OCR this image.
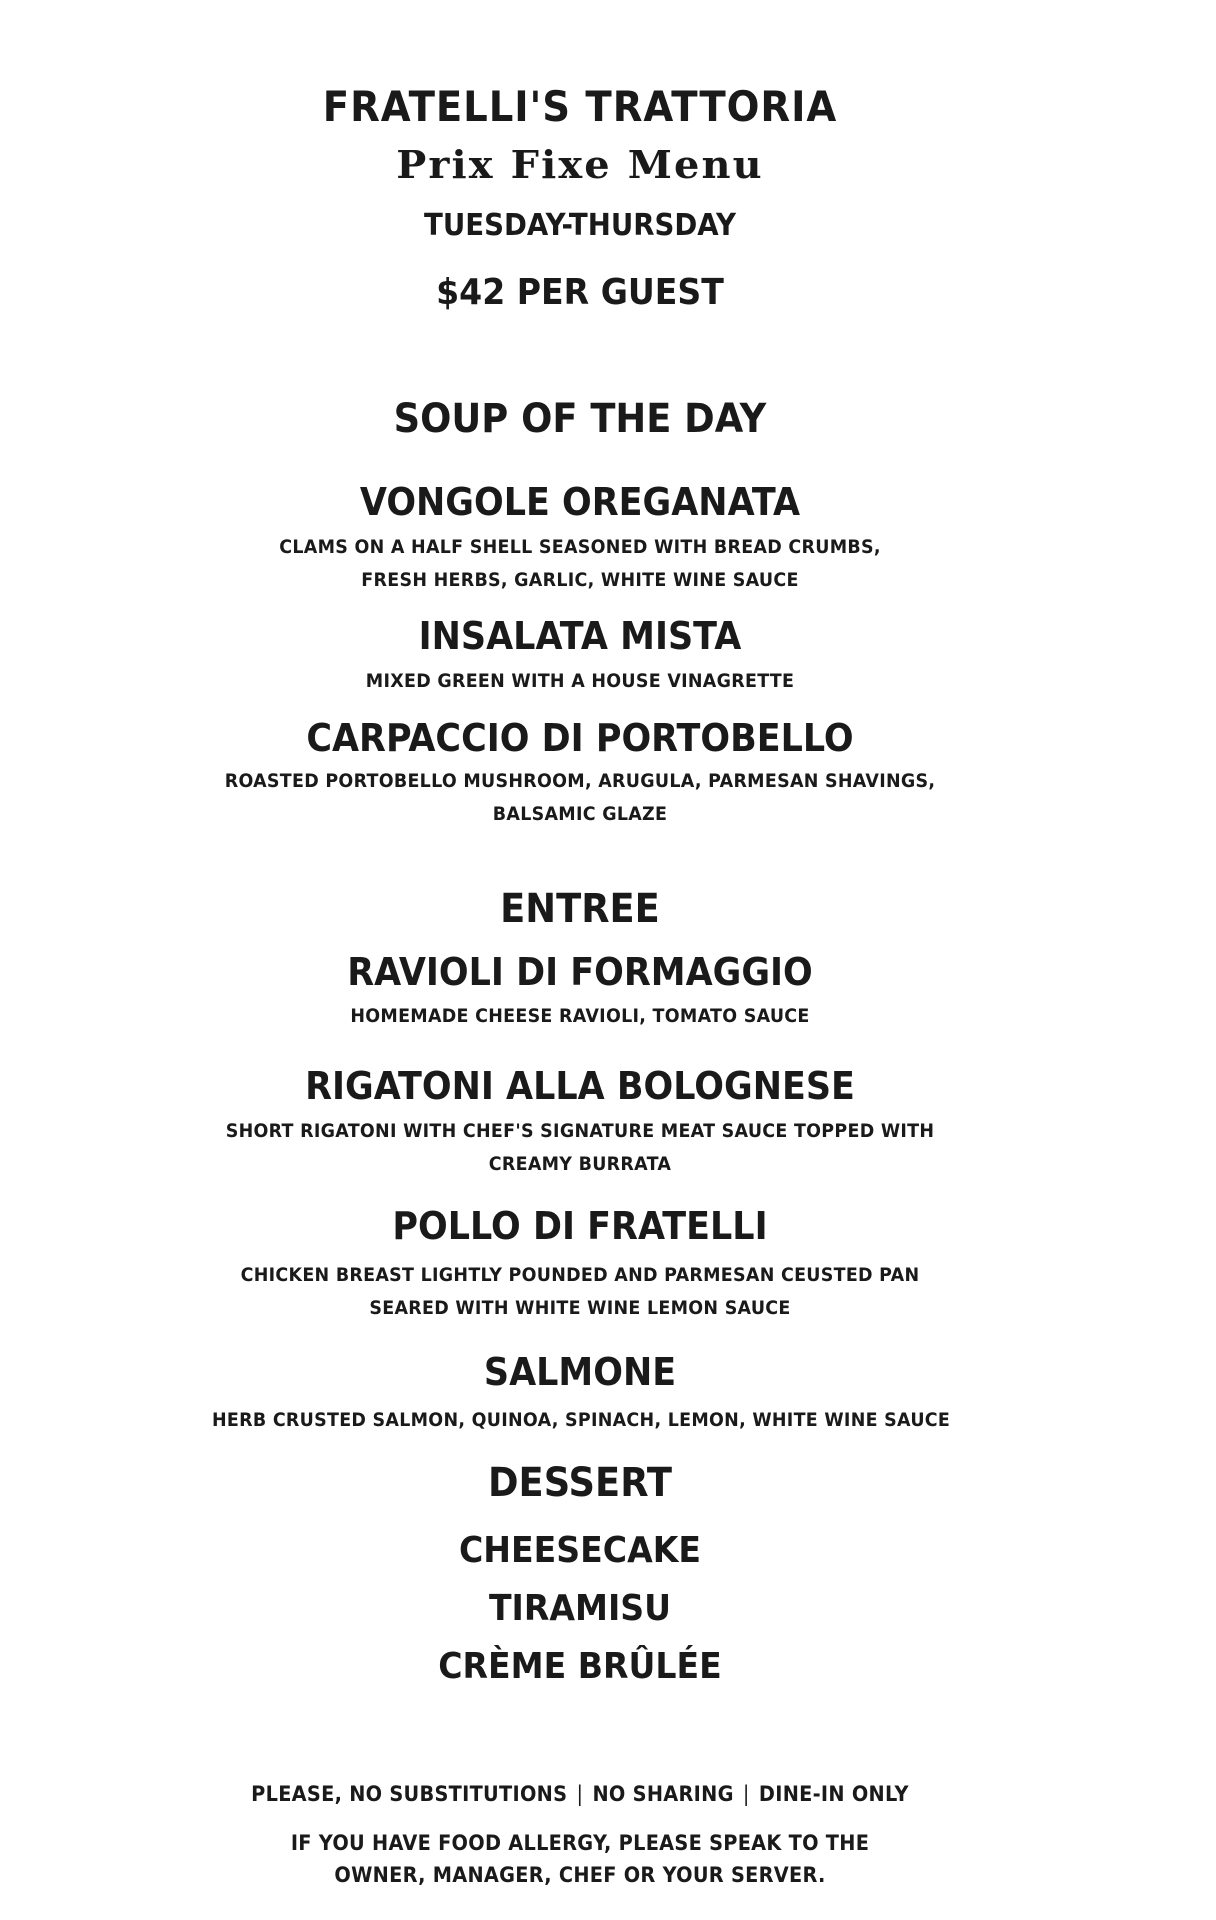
FRATELLI'S TRATTORIA
Prix Fixe Menu
TUESDAY-THURSDAY
$42 PER GUEST
SOUP OF THE DAY
VONGOLE OREGANATA
CLAMS ON A HALF SHELL SEASONED WITH BREAD CRUMBS,
FRESH HERBS, GARLIC, WHITE WINE SAUCE
INSALATA MISTA
MIXED GREEN WITH A HOUSE VINAGRETTE
CARPACCIO DI PORTOBELLO
ROASTED PORTOBELLO MUSHROOM, ARUGULA, PARMESAN SHAVINGS,
BALSAMIC GLAZE
ENTREE
RAVIOLI DI FORMAGGIO
HOMEMADE CHEESE RAVIOLI, TOMATO SAUCE
RIGATONI ALLA BOLOGNESE
SHORT RIGATONI WITH CHEF'S SIGNATURE MEAT SAUCE TOPPED WITH
CREAMY BURRATA
POLLO DI FRATELLI
CHICKEN BREAST LIGHTLY POUNDED AND PARMESAN CEUSTED PAN
SEARED WITH WHITE WINE LEMON SAUCE
SALMONE
HERB CRUSTED SALMON, QUINOA, SPINACH, LEMON, WHITE WINE SAUCE
DESSERT
CHEESECAKE
TIRAMISU
CRÈME BRÛLÉE
PLEASE, NO SUBSTITUTIONS | NO SHARING | DINE-IN ONLY
IF YOU HAVE FOOD ALLERGY, PLEASE SPEAK TO THE
OWNER, MANAGER, CHEF OR YOUR SERVER.
